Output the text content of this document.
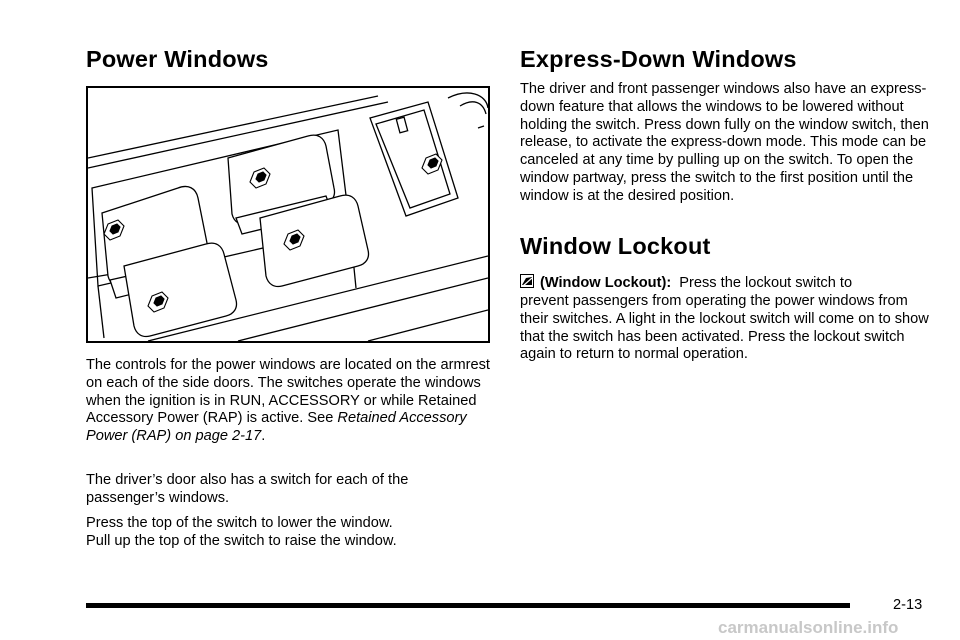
Power Windows

The controls for the power windows are located on the armrest on each of the side doors. The switches operate the windows when the ignition is in RUN, ACCESSORY or while Retained Accessory Power (RAP) is active. See Retained Accessory Power (RAP) on page 2-17.

The driver’s door also has a switch for each of the passenger’s windows.

Press the top of the switch to lower the window.
Pull up the top of the switch to raise the window.

Express-Down Windows

The driver and front passenger windows also have an express-down feature that allows the windows to be lowered without holding the switch. Press down fully on the window switch, then release, to activate the express-down mode. This mode can be canceled at any time by pulling up on the switch. To open the window partway, press the switch to the first position until the window is at the desired position.

Window Lockout
(Window Lockout): Press the lockout switch to

prevent passengers from operating the power windows from their switches. A light in the lockout switch will come on to show that the switch has been activated. Press the lockout switch again to return to normal operation.

2-13
carmanualsonline.info
